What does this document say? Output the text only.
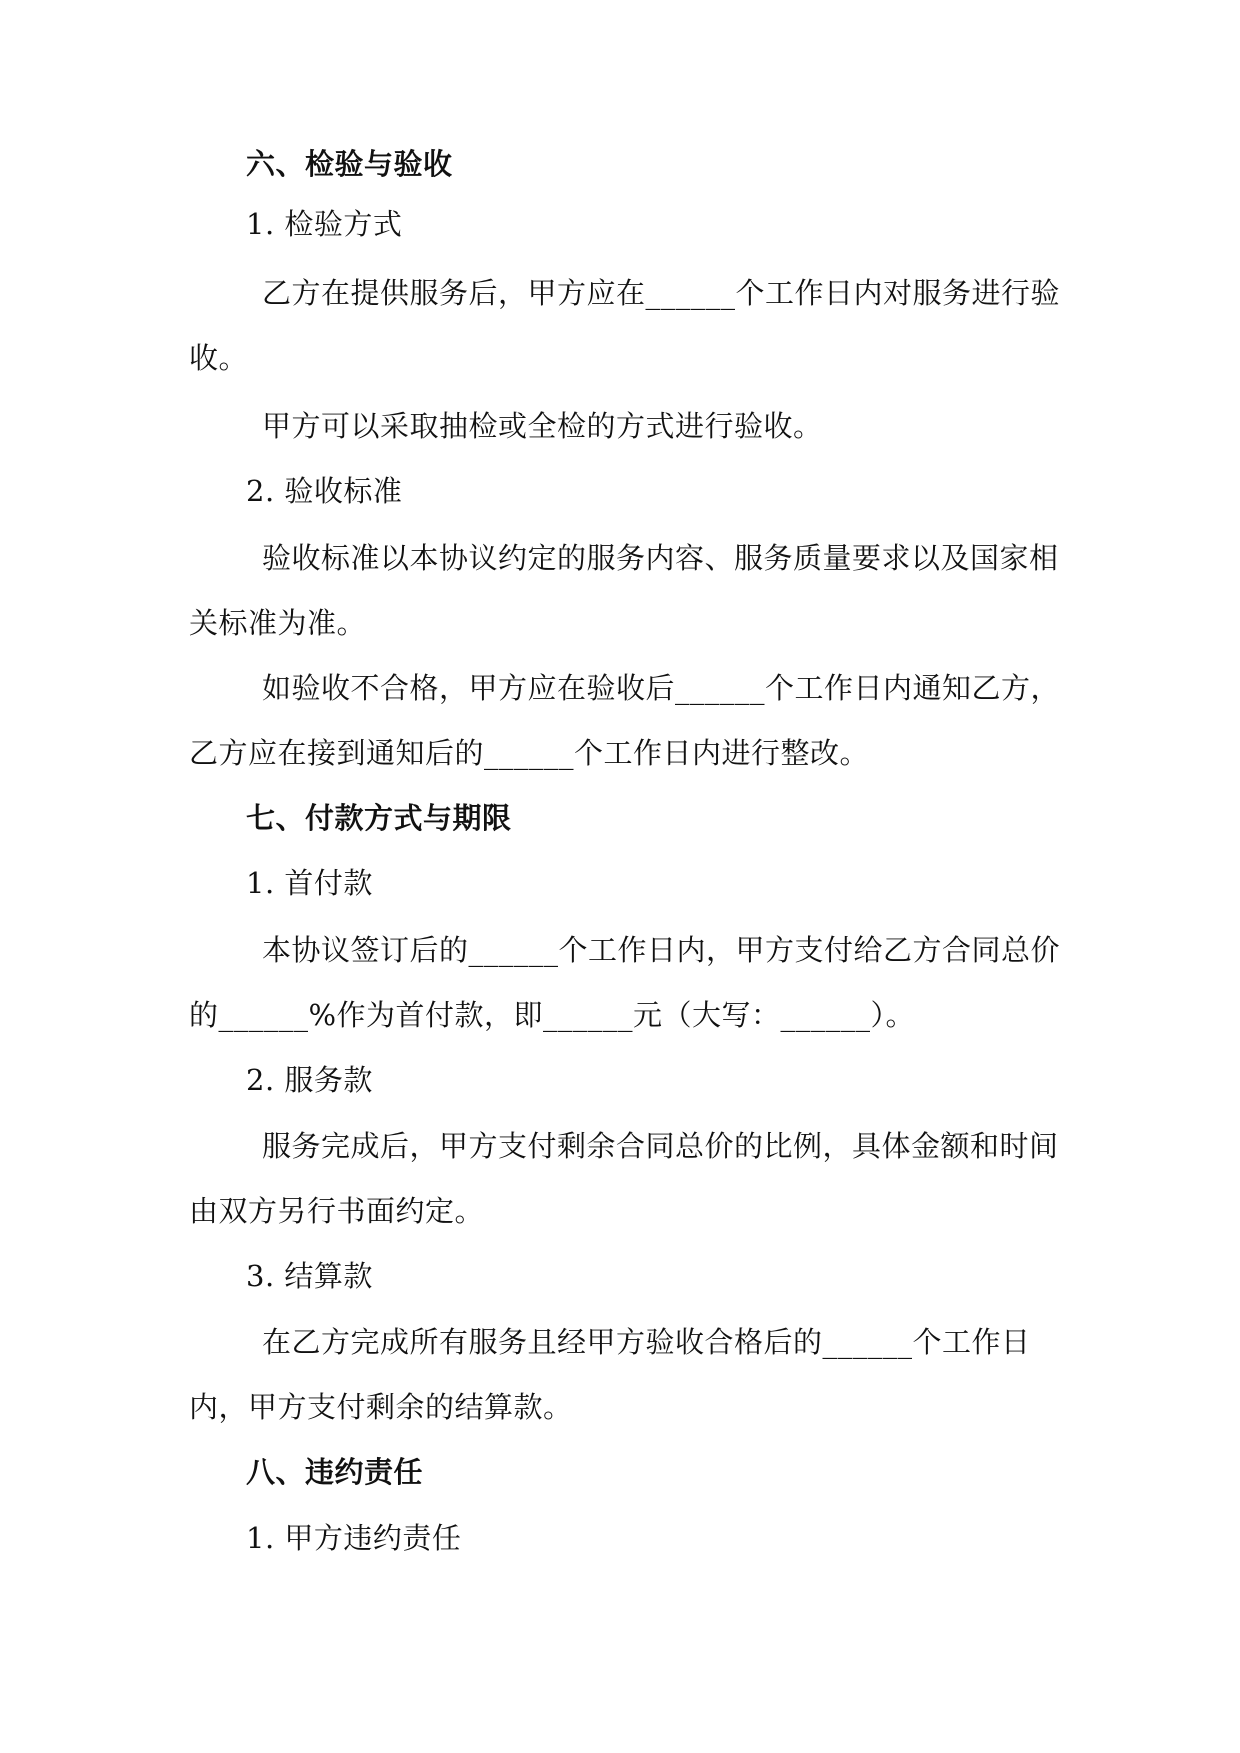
六、检验与验收
1. 检验方式
乙方在提供服务后，甲方应在______个工作日内对服务进行验
收。
甲方可以采取抽检或全检的方式进行验收。
2. 验收标准
验收标准以本协议约定的服务内容、服务质量要求以及国家相
关标准为准。
如验收不合格，甲方应在验收后______个工作日内通知乙方，
乙方应在接到通知后的______个工作日内进行整改。
七、付款方式与期限
1. 首付款
本协议签订后的______个工作日内，甲方支付给乙方合同总价
的______%作为首付款，即______元（大写：______）。
2. 服务款
服务完成后，甲方支付剩余合同总价的比例，具体金额和时间
由双方另行书面约定。
3. 结算款
在乙方完成所有服务且经甲方验收合格后的______个工作日
内，甲方支付剩余的结算款。
八、违约责任
1. 甲方违约责任
